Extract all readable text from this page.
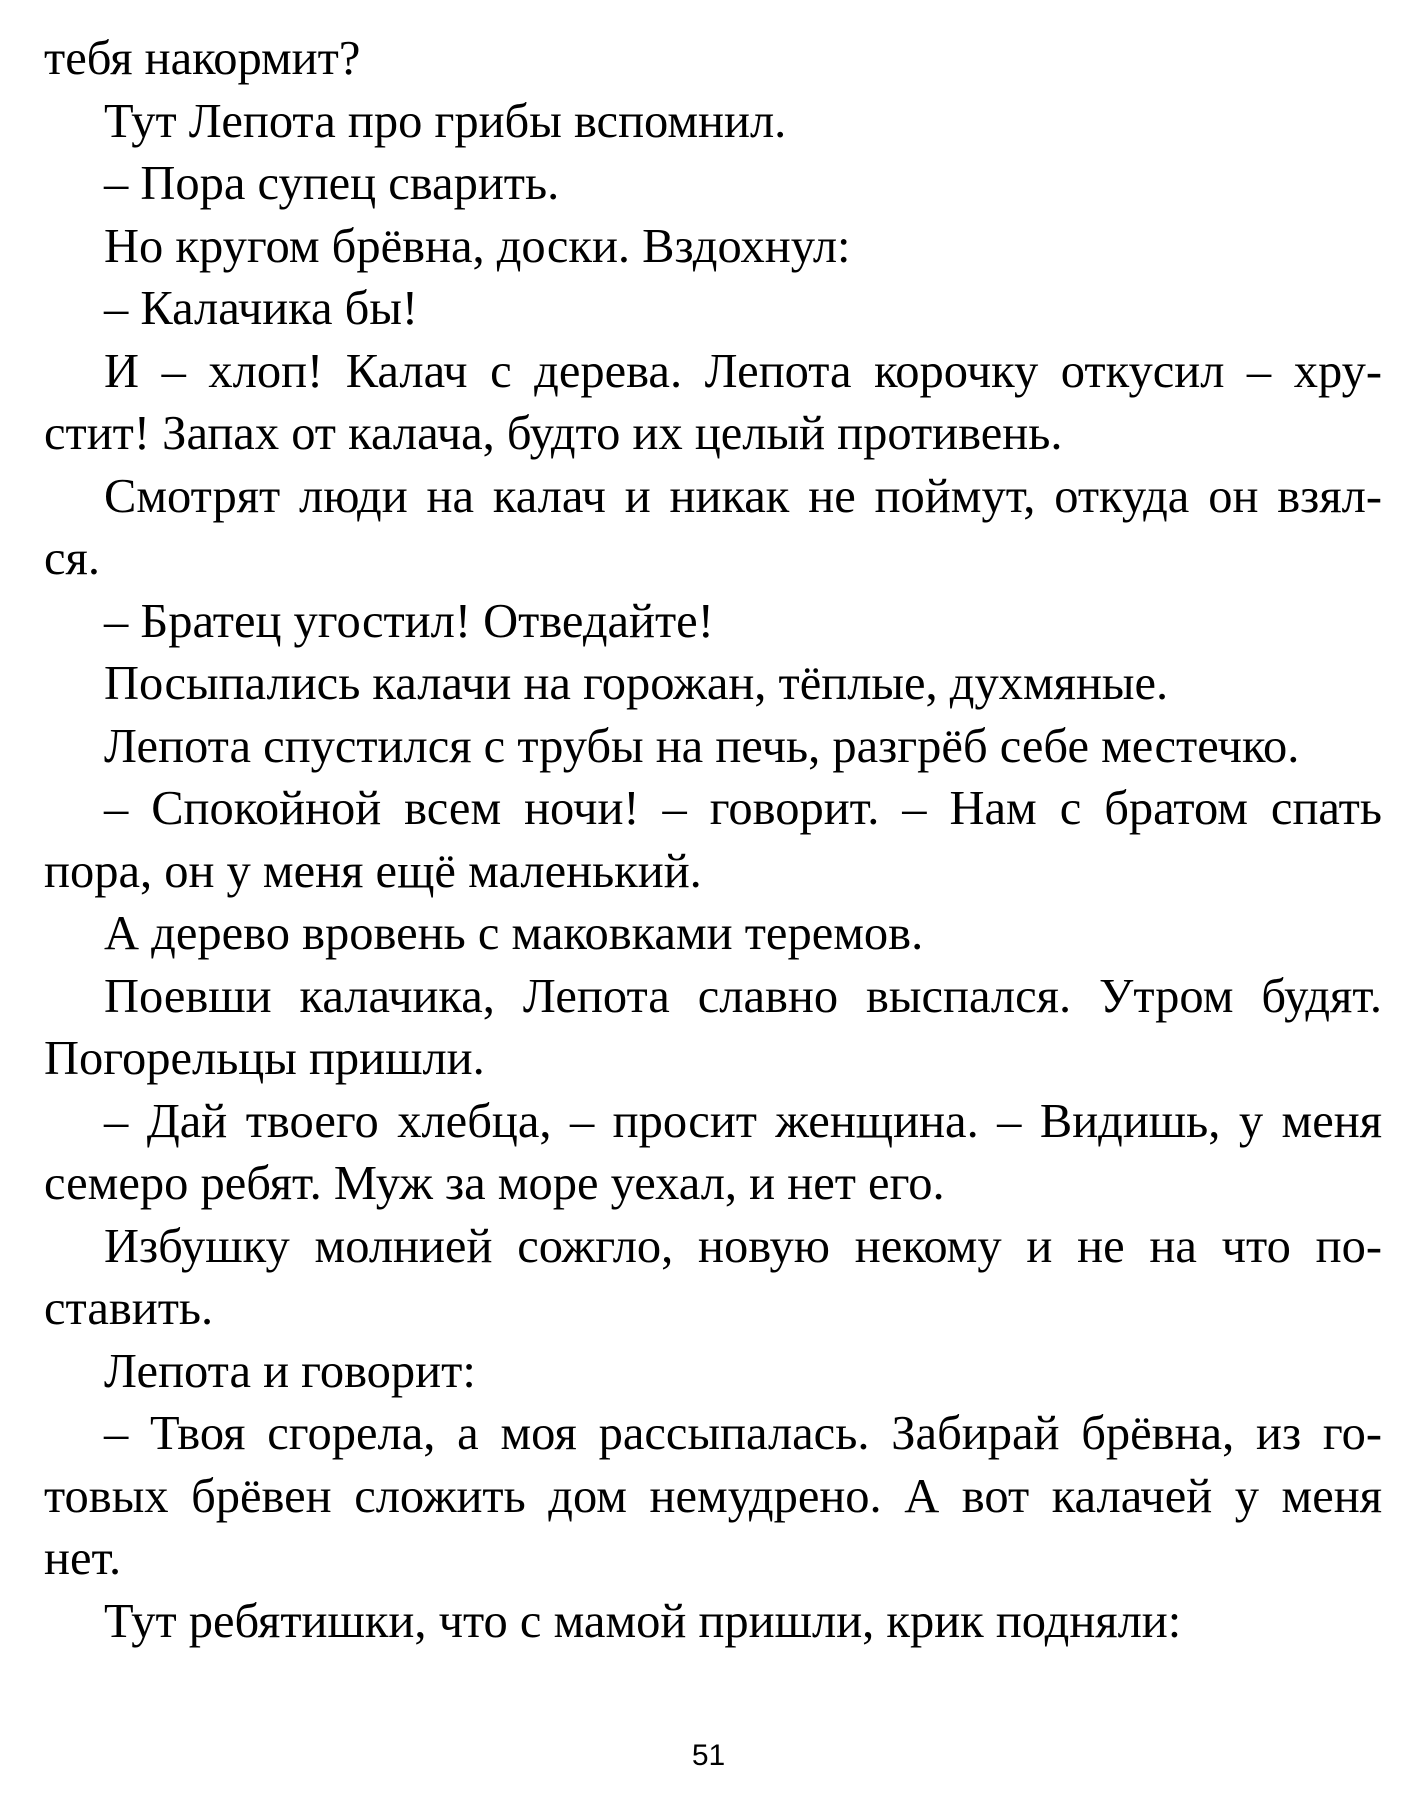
тебя накормит?
Тут Лепота про грибы вспомнил.
– Пора супец сварить.
Но кругом брёвна, доски. Вздохнул:
– Калачика бы!
И – хлоп! Калач с дерева. Лепота корочку откусил – хру-
стит! Запах от калача, будто их целый противень.
Смотрят люди на калач и никак не поймут, откуда он взял-
ся.
– Братец угостил! Отведайте!
Посыпались калачи на горожан, тёплые, духмяные.
Лепота спустился с трубы на печь, разгрёб себе местечко.
– Спокойной всем ночи! – говорит. – Нам с братом спать
пора, он у меня ещё маленький.
А дерево вровень с маковками теремов.
Поевши калачика, Лепота славно выспался. Утром будят.
Погорельцы пришли.
– Дай твоего хлебца, – просит женщина. – Видишь, у меня
семеро ребят. Муж за море уехал, и нет его.
Избушку молнией сожгло, новую некому и не на что по-
ставить.
Лепота и говорит:
– Твоя сгорела, а моя рассыпалась. Забирай брёвна, из го-
товых брёвен сложить дом немудрено. А вот калачей у меня
нет.
Тут ребятишки, что с мамой пришли, крик подняли:
51
